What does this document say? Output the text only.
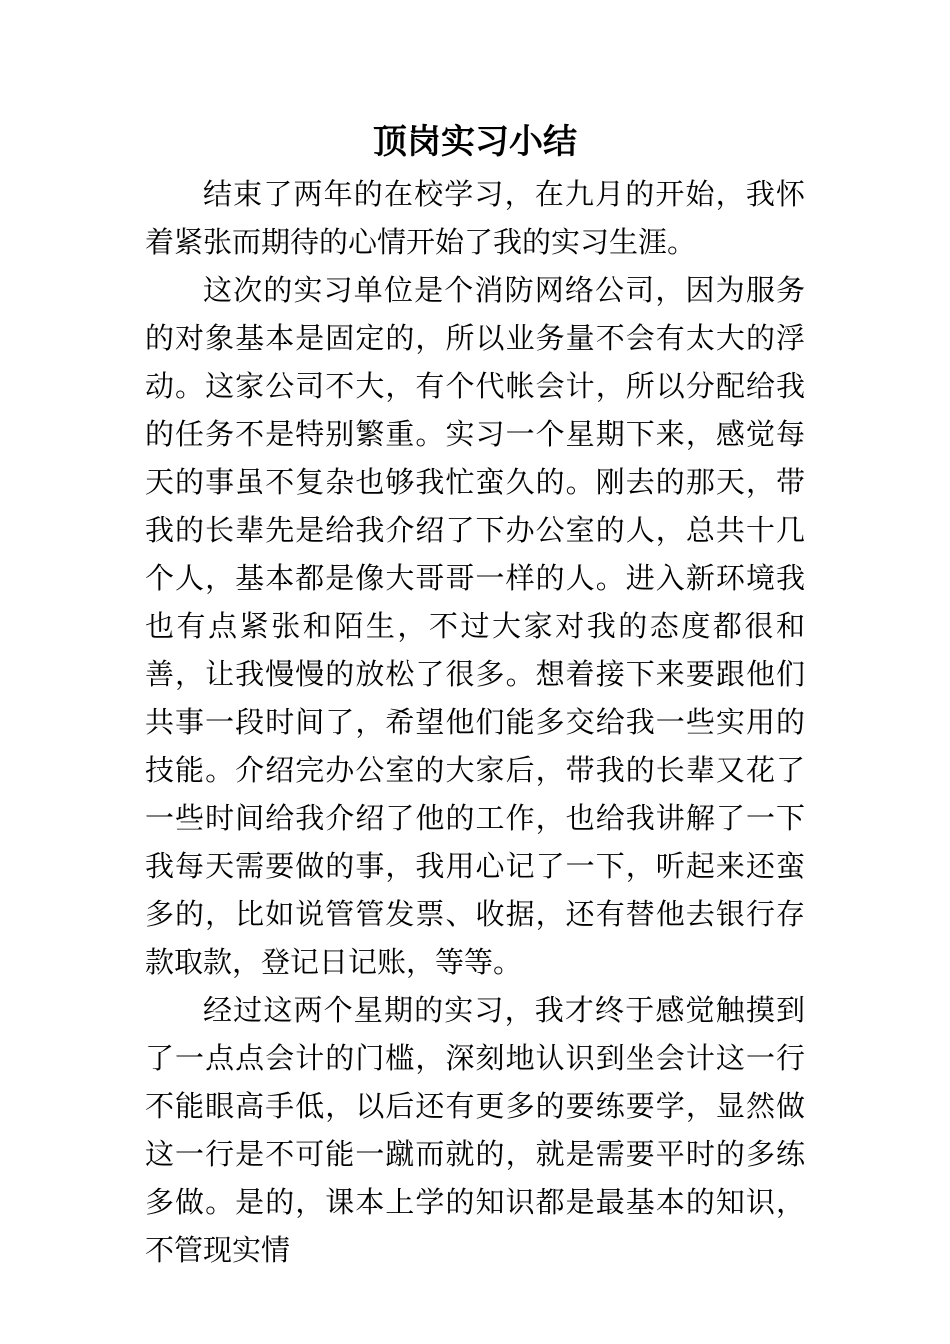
顶岗实习小结

结束了两年的在校学习，在九月的开始，我怀着紧张而期待的心情开始了我的实习生涯。

这次的实习单位是个消防网络公司，因为服务的对象基本是固定的，所以业务量不会有太大的浮动。这家公司不大，有个代帐会计，所以分配给我的任务不是特别繁重。实习一个星期下来，感觉每天的事虽不复杂也够我忙蛮久的。刚去的那天，带我的长辈先是给我介绍了下办公室的人，总共十几个人，基本都是像大哥哥一样的人。进入新环境我也有点紧张和陌生，不过大家对我的态度都很和善，让我慢慢的放松了很多。想着接下来要跟他们共事一段时间了，希望他们能多交给我一些实用的技能。介绍完办公室的大家后，带我的长辈又花了一些时间给我介绍了他的工作，也给我讲解了一下我每天需要做的事，我用心记了一下，听起来还蛮多的，比如说管管发票、收据，还有替他去银行存款取款，登记日记账，等等。

经过这两个星期的实习，我才终于感觉触摸到了一点点会计的门槛，深刻地认识到坐会计这一行不能眼高手低，以后还有更多的要练要学，显然做这一行是不可能一蹴而就的，就是需要平时的多练多做。是的，课本上学的知识都是最基本的知识，不管现实情
